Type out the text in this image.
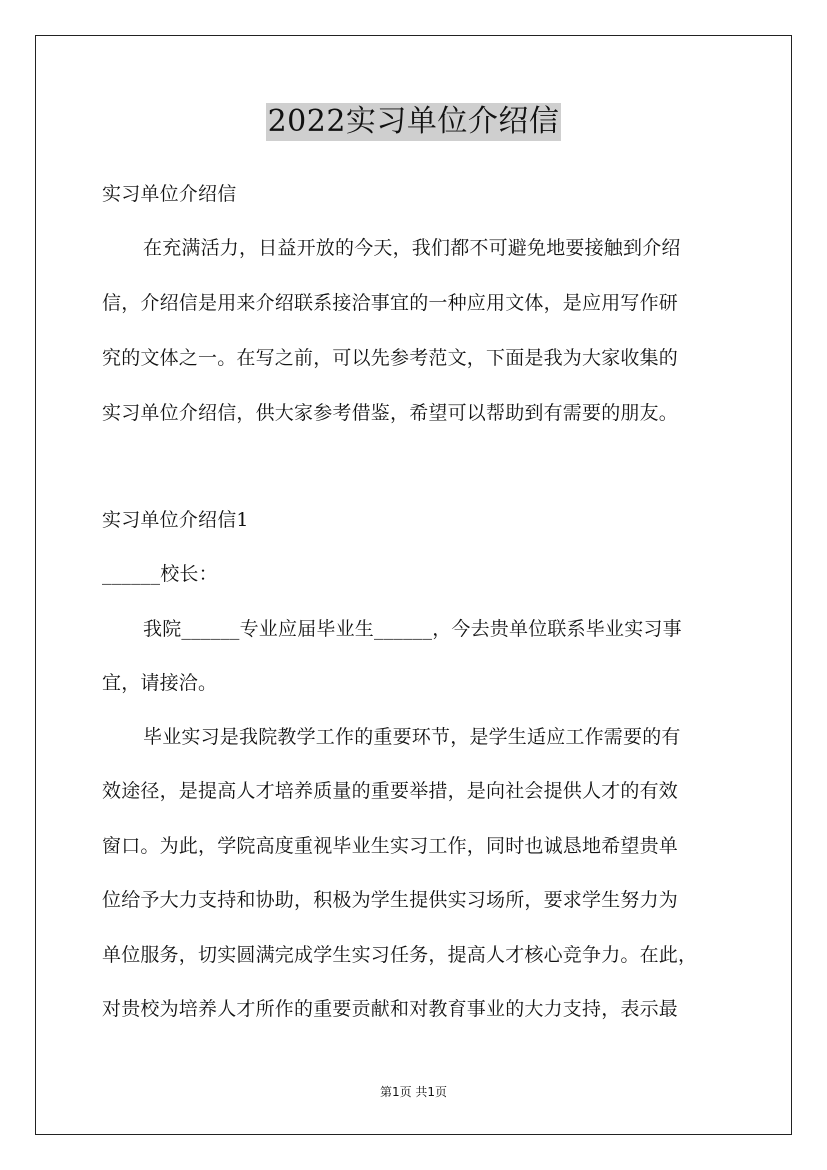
2022实习单位介绍信
实习单位介绍信
在充满活力，日益开放的今天，我们都不可避免地要接触到介绍
信，介绍信是用来介绍联系接洽事宜的一种应用文体，是应用写作研
究的文体之一。在写之前，可以先参考范文，下面是我为大家收集的
实习单位介绍信，供大家参考借鉴，希望可以帮助到有需要的朋友。
实习单位介绍信1
______校长：
我院______专业应届毕业生______，今去贵单位联系毕业实习事
宜，请接洽。
毕业实习是我院教学工作的重要环节，是学生适应工作需要的有
效途径，是提高人才培养质量的重要举措，是向社会提供人才的有效
窗口。为此，学院高度重视毕业生实习工作，同时也诚恳地希望贵单
位给予大力支持和协助，积极为学生提供实习场所，要求学生努力为
单位服务，切实圆满完成学生实习任务，提高人才核心竞争力。在此，
对贵校为培养人才所作的重要贡献和对教育事业的大力支持，表示最
第1页 共1页
